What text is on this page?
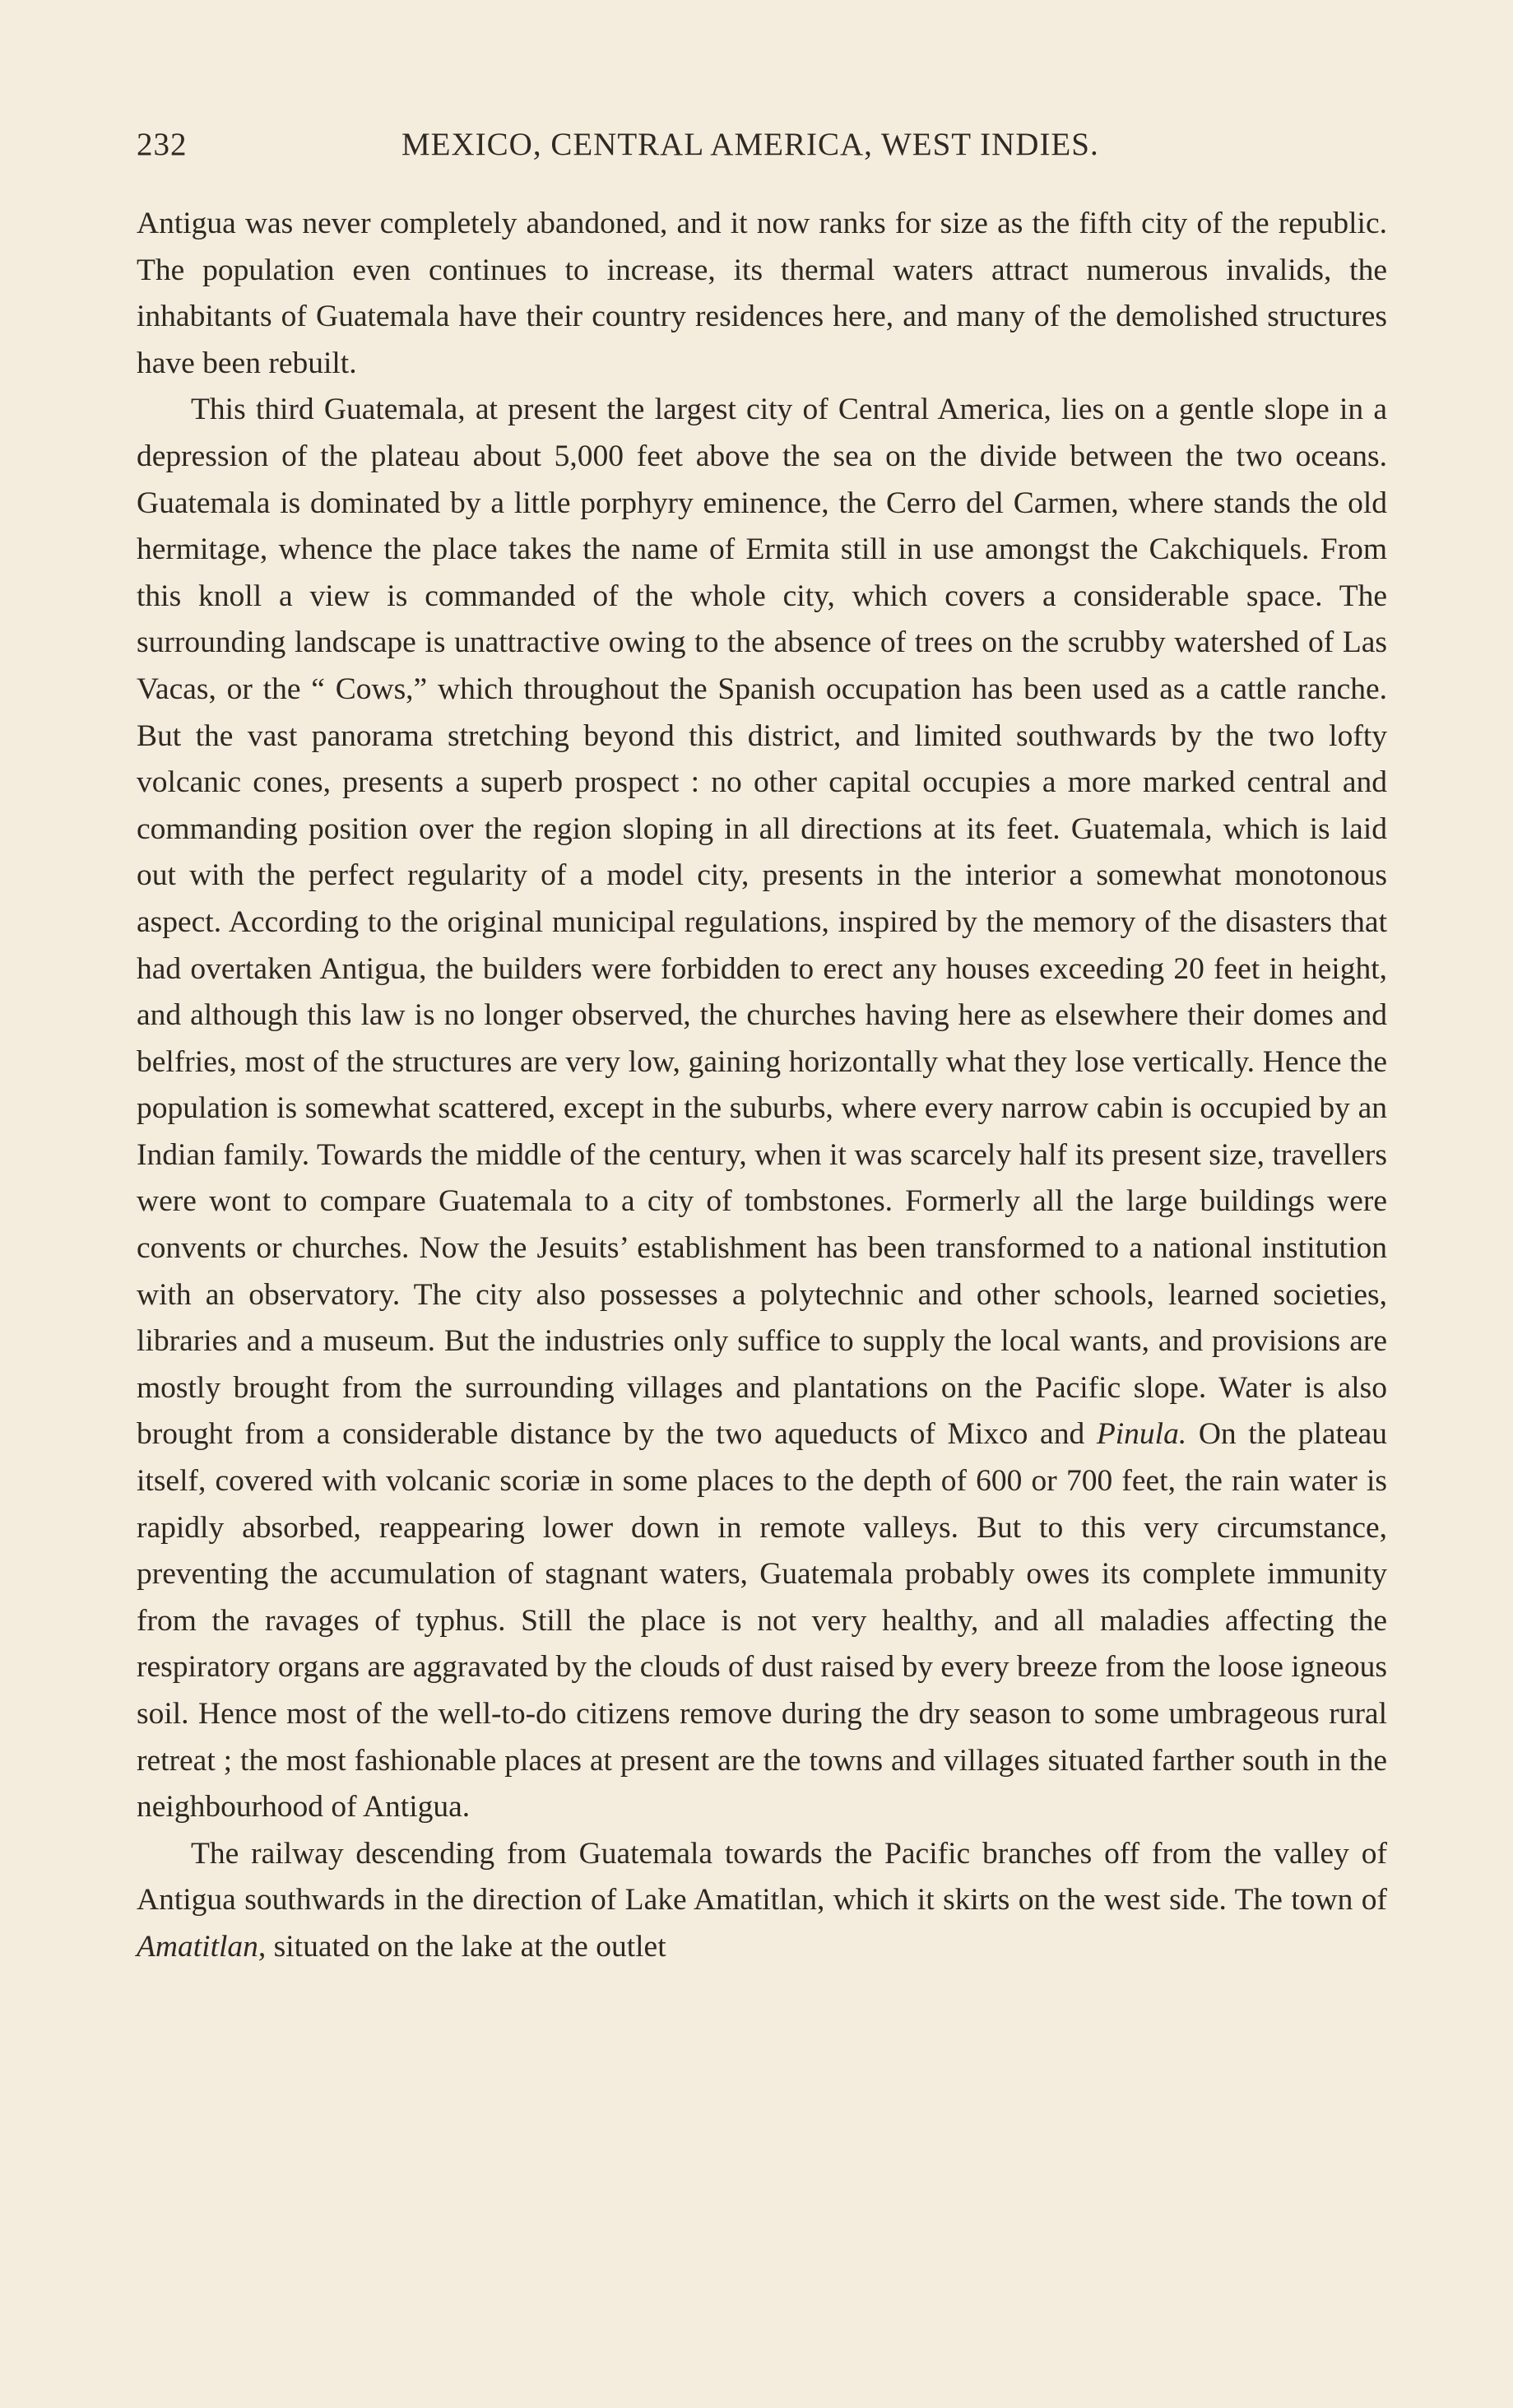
232	MEXICO, CENTRAL AMERICA, WEST INDIES.

Antigua was never completely abandoned, and it now ranks for size as the fifth city of the republic. The population even continues to increase, its thermal waters attract numerous invalids, the inhabitants of Guatemala have their country residences here, and many of the demolished structures have been rebuilt.

This third Guatemala, at present the largest city of Central America, lies on a gentle slope in a depression of the plateau about 5,000 feet above the sea on the divide between the two oceans. Guatemala is dominated by a little porphyry eminence, the Cerro del Carmen, where stands the old hermitage, whence the place takes the name of Ermita still in use amongst the Cakchiquels. From this knoll a view is commanded of the whole city, which covers a considerable space. The surrounding landscape is unattractive owing to the absence of trees on the scrubby watershed of Las Vacas, or the “ Cows,” which throughout the Spanish occupation has been used as a cattle ranche. But the vast panorama stretching beyond this district, and limited southwards by the two lofty volcanic cones, presents a superb prospect : no other capital occupies a more marked central and commanding position over the region sloping in all directions at its feet. Guatemala, which is laid out with the perfect regularity of a model city, presents in the interior a somewhat monotonous aspect. According to the original municipal regulations, inspired by the memory of the disasters that had overtaken Antigua, the builders were forbidden to erect any houses exceeding 20 feet in height, and although this law is no longer observed, the churches having here as elsewhere their domes and belfries, most of the structures are very low, gaining horizontally what they lose vertically. Hence the population is somewhat scattered, except in the suburbs, where every narrow cabin is occupied by an Indian family. Towards the middle of the century, when it was scarcely half its present size, travellers were wont to compare Guatemala to a city of tombstones. Formerly all the large buildings were convents or churches. Now the Jesuits’ establishment has been transformed to a national institution with an observatory. The city also possesses a polytechnic and other schools, learned societies, libraries and a museum. But the industries only suffice to supply the local wants, and provisions are mostly brought from the surrounding villages and plantations on the Pacific slope. Water is also brought from a considerable distance by the two aqueducts of Mixco and Pinula. On the plateau itself, covered with volcanic scoriæ in some places to the depth of 600 or 700 feet, the rain water is rapidly absorbed, reappearing lower down in remote valleys. But to this very circumstance, preventing the accumulation of stagnant waters, Guatemala probably owes its complete immunity from the ravages of typhus. Still the place is not very healthy, and all maladies affecting the respiratory organs are aggravated by the clouds of dust raised by every breeze from the loose igneous soil. Hence most of the well-to-do citizens remove during the dry season to some umbrageous rural retreat ; the most fashionable places at present are the towns and villages situated farther south in the neighbourhood of Antigua.

The railway descending from Guatemala towards the Pacific branches off from the valley of Antigua southwards in the direction of Lake Amatitlan, which it skirts on the west side. The town of Amatitlan, situated on the lake at the outlet
